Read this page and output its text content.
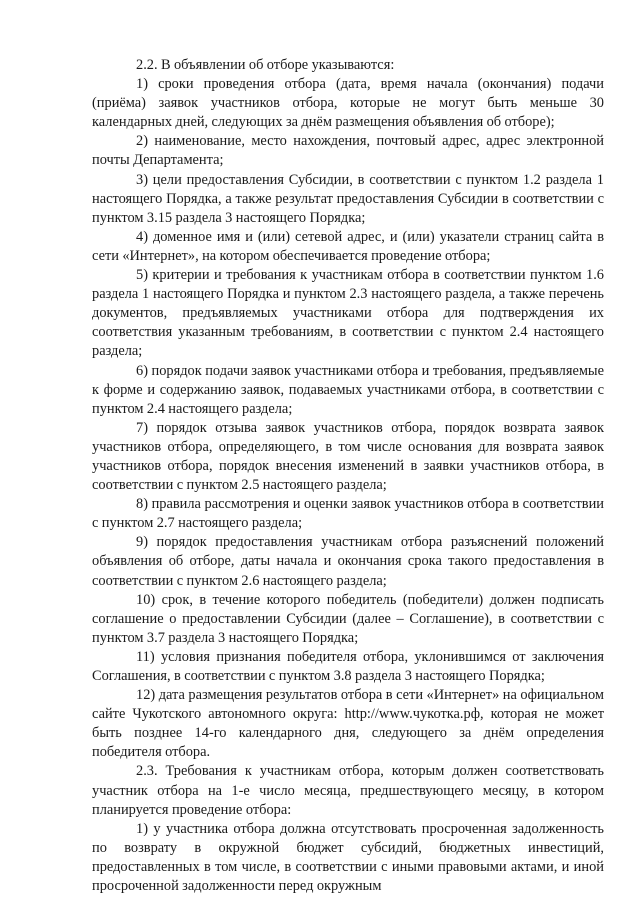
2.2. В объявлении об отборе указываются:

1) сроки проведения отбора (дата, время начала (окончания) подачи (приёма) заявок участников отбора, которые не могут быть меньше 30 календарных дней, следующих за днём размещения объявления об отборе);

2) наименование, место нахождения, почтовый адрес, адрес электронной почты Департамента;

3) цели предоставления Субсидии, в соответствии с пунктом 1.2 раздела 1 настоящего Порядка, а также результат предоставления Субсидии в соответствии с пунктом 3.15 раздела 3 настоящего Порядка;

4) доменное имя и (или) сетевой адрес, и (или) указатели страниц сайта в сети «Интернет», на котором обеспечивается проведение отбора;

5) критерии и требования к участникам отбора в соответствии пунктом 1.6 раздела 1 настоящего Порядка и пунктом 2.3 настоящего раздела, а также перечень документов, предъявляемых участниками отбора для подтверждения их соответствия указанным требованиям, в соответствии с пунктом 2.4 настоящего раздела;

6) порядок подачи заявок участниками отбора и требования, предъявляемые к форме и содержанию заявок, подаваемых участниками отбора, в соответствии с пунктом 2.4 настоящего раздела;

7) порядок отзыва заявок участников отбора, порядок возврата заявок участников отбора, определяющего, в том числе основания для возврата заявок участников отбора, порядок внесения изменений в заявки участников отбора, в соответствии с пунктом 2.5 настоящего раздела;

8) правила рассмотрения и оценки заявок участников отбора в соответствии с пунктом 2.7 настоящего раздела;

9) порядок предоставления участникам отбора разъяснений положений объявления об отборе, даты начала и окончания срока такого предоставления в соответствии с пунктом 2.6 настоящего раздела;

10) срок, в течение которого победитель (победители) должен подписать соглашение о предоставлении Субсидии (далее – Соглашение), в соответствии с пунктом 3.7 раздела 3 настоящего Порядка;

11) условия признания победителя отбора, уклонившимся от заключения Соглашения, в соответствии с пунктом 3.8 раздела 3 настоящего Порядка;

12) дата размещения результатов отбора в сети «Интернет» на официальном сайте Чукотского автономного округа: http://www.чукотка.рф, которая не может быть позднее 14-го календарного дня, следующего за днём определения победителя отбора.

2.3. Требования к участникам отбора, которым должен соответствовать участник отбора на 1-е число месяца, предшествующего месяцу, в котором планируется проведение отбора:

1) у участника отбора должна отсутствовать просроченная задолженность по возврату в окружной бюджет субсидий, бюджетных инвестиций, предоставленных в том числе, в соответствии с иными правовыми актами, и иной просроченной задолженности перед окружным
